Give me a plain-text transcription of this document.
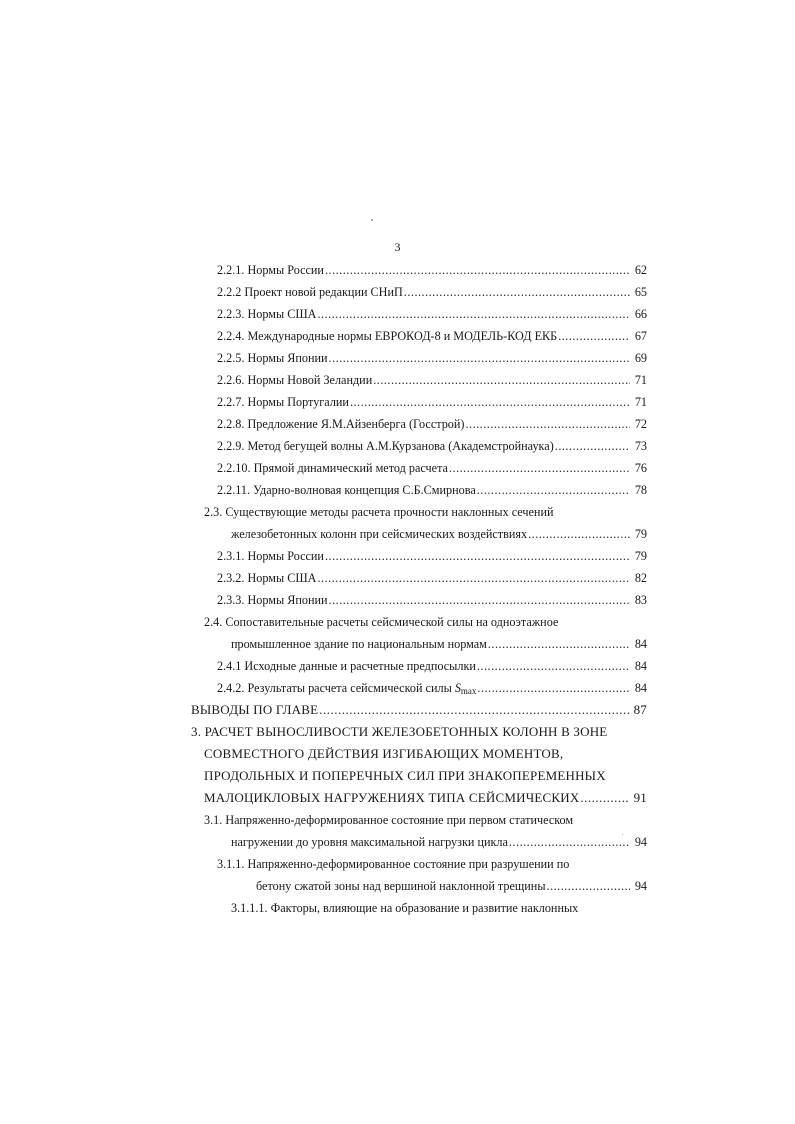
3
2.2.1. Нормы России .....	62
2.2.2 Проект новой редакции СНиП .....	65
2.2.3. Нормы США .....	66
2.2.4. Международные нормы ЕВРОКОД-8 и МОДЕЛЬ-КОД ЕКБ .....	67
2.2.5. Нормы Японии .....	69
2.2.6. Нормы Новой Зеландии .....	71
2.2.7. Нормы Португалии .....	71
2.2.8. Предложение Я.М.Айзенберга (Госстрой) .....	72
2.2.9. Метод бегущей волны А.М.Курзанова (Академстройнаука) .....	73
2.2.10. Прямой динамический метод расчета .....	76
2.2.11. Ударно-волновая концепция С.Б.Смирнова .....	78
2.3. Существующие методы расчета прочности наклонных сечений
железобетонных колонн при сейсмических воздействиях .....	79
2.3.1. Нормы России .....	79
2.3.2. Нормы США .....	82
2.3.3. Нормы Японии .....	83
2.4. Сопоставительные расчеты сейсмической силы на одноэтажное
промышленное здание по национальным нормам .....	84
2.4.1 Исходные данные и расчетные предпосылки .....	84
2.4.2. Результаты расчета сейсмической силы $S_{max}$ .....	84
ВЫВОДЫ ПО ГЛАВЕ .....	87
3. РАСЧЕТ ВЫНОСЛИВОСТИ ЖЕЛЕЗОБЕТОННЫХ КОЛОНН В ЗОНЕ
СОВМЕСТНОГО ДЕЙСТВИЯ ИЗГИБАЮЩИХ МОМЕНТОВ,
ПРОДОЛЬНЫХ И ПОПЕРЕЧНЫХ СИЛ ПРИ ЗНАКОПЕРЕМЕННЫХ
МАЛОЦИКЛОВЫХ НАГРУЖЕНИЯХ ТИПА СЕЙСМИЧЕСКИХ .....	91
3.1. Напряженно-деформированное состояние при первом статическом
нагружении до уровня максимальной нагрузки цикла .....	94
3.1.1. Напряженно-деформированное состояние при разрушении по
бетону сжатой зоны над вершиной наклонной трещины .....	94
3.1.1.1. Факторы, влияющие на образование и развитие наклонных
